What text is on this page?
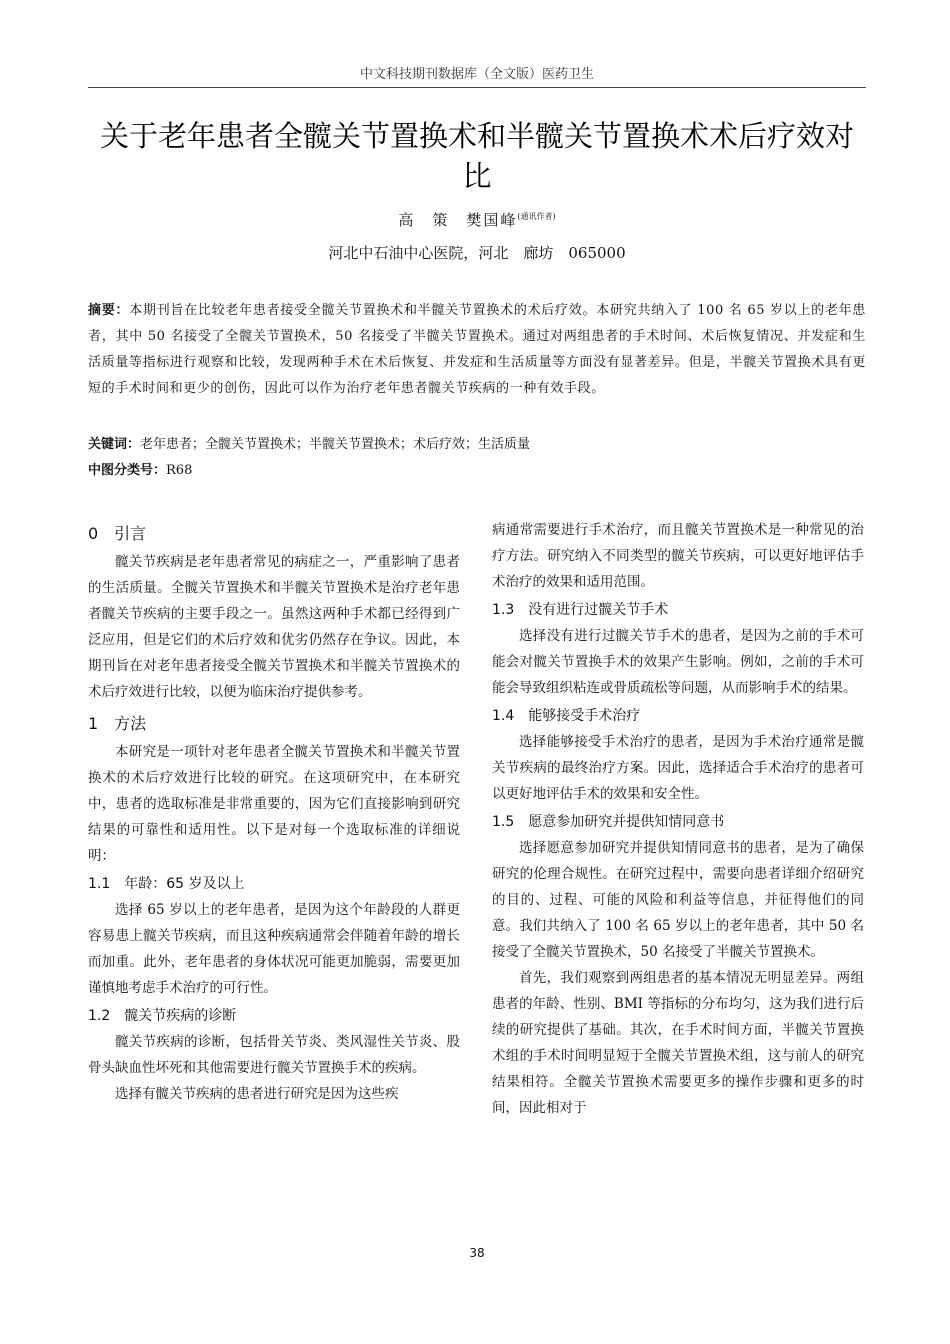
中文科技期刊数据库（全文版）医药卫生
关于老年患者全髋关节置换术和半髋关节置换术术后疗效对比
高　策　樊国峰$^{(通讯作者)}$
河北中石油中心医院，河北　廊坊　065000
摘要：本期刊旨在比较老年患者接受全髋关节置换术和半髋关节置换术的术后疗效。本研究共纳入了 100 名 65 岁以上的老年患者，其中 50 名接受了全髋关节置换术，50 名接受了半髋关节置换术。通过对两组患者的手术时间、术后恢复情况、并发症和生活质量等指标进行观察和比较，发现两种手术在术后恢复、并发症和生活质量等方面没有显著差异。但是，半髋关节置换术具有更短的手术时间和更少的创伤，因此可以作为治疗老年患者髋关节疾病的一种有效手段。
关键词：老年患者；全髋关节置换术；半髋关节置换术；术后疗效；生活质量
中图分类号：R68
0　引言

髋关节疾病是老年患者常见的病症之一，严重影响了患者的生活质量。全髋关节置换术和半髋关节置换术是治疗老年患者髋关节疾病的主要手段之一。虽然这两种手术都已经得到广泛应用，但是它们的术后疗效和优劣仍然存在争议。因此，本期刊旨在对老年患者接受全髋关节置换术和半髋关节置换术的术后疗效进行比较，以便为临床治疗提供参考。

1　方法

本研究是一项针对老年患者全髋关节置换术和半髋关节置换术的术后疗效进行比较的研究。在这项研究中，在本研究中，患者的选取标准是非常重要的，因为它们直接影响到研究结果的可靠性和适用性。以下是对每一个选取标准的详细说明：

1.1　年龄：65 岁及以上

选择 65 岁以上的老年患者，是因为这个年龄段的人群更容易患上髋关节疾病，而且这种疾病通常会伴随着年龄的增长而加重。此外，老年患者的身体状况可能更加脆弱，需要更加谨慎地考虑手术治疗的可行性。

1.2　髋关节疾病的诊断

髋关节疾病的诊断，包括骨关节炎、类风湿性关节炎、股骨头缺血性坏死和其他需要进行髋关节置换手术的疾病。

选择有髋关节疾病的患者进行研究是因为这些疾

病通常需要进行手术治疗，而且髋关节置换术是一种常见的治疗方法。研究纳入不同类型的髋关节疾病，可以更好地评估手术治疗的效果和适用范围。

1.3　没有进行过髋关节手术

选择没有进行过髋关节手术的患者，是因为之前的手术可能会对髋关节置换手术的效果产生影响。例如，之前的手术可能会导致组织粘连或骨质疏松等问题，从而影响手术的结果。

1.4　能够接受手术治疗

选择能够接受手术治疗的患者，是因为手术治疗通常是髋关节疾病的最终治疗方案。因此，选择适合手术治疗的患者可以更好地评估手术的效果和安全性。

1.5　愿意参加研究并提供知情同意书

选择愿意参加研究并提供知情同意书的患者，是为了确保研究的伦理合规性。在研究过程中，需要向患者详细介绍研究的目的、过程、可能的风险和利益等信息，并征得他们的同意。我们共纳入了 100 名 65 岁以上的老年患者，其中 50 名接受了全髋关节置换术，50 名接受了半髋关节置换术。

首先，我们观察到两组患者的基本情况无明显差异。两组患者的年龄、性别、BMI 等指标的分布均匀，这为我们进行后续的研究提供了基础。其次，在手术时间方面，半髋关节置换术组的手术时间明显短于全髋关节置换术组，这与前人的研究结果相符。全髋关节置换术需要更多的操作步骤和更多的时间，因此相对于

38
